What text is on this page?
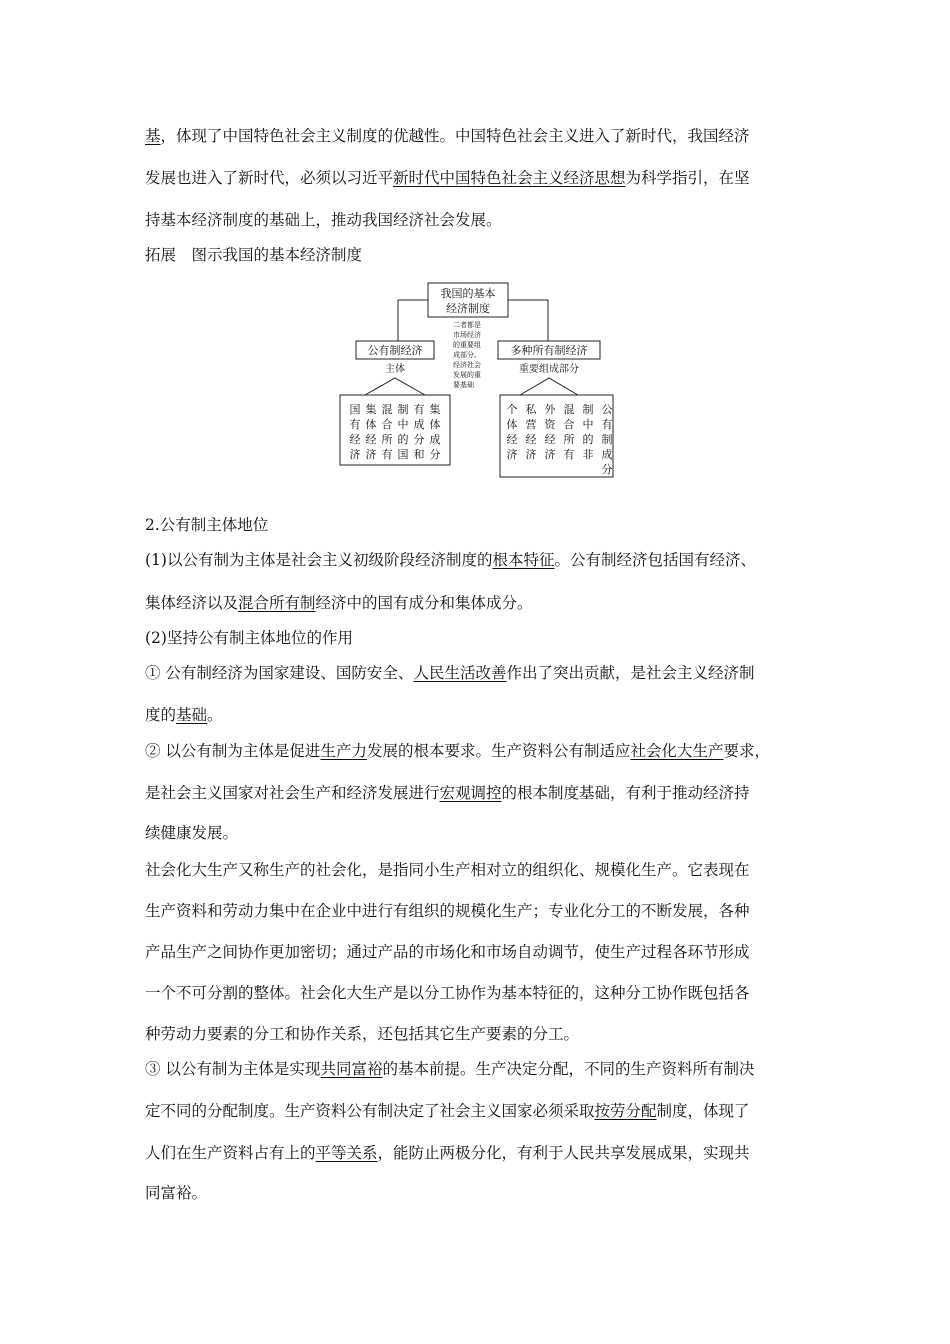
基，体现了中国特色社会主义制度的优越性。中国特色社会主义进入了新时代，我国经济
发展也进入了新时代，必须以习近平新时代中国特色社会主义经济思想为科学指引，在坚
持基本经济制度的基础上，推动我国经济社会发展。
拓展　图示我国的基本经济制度
我国的基本
经济制度
公有制经济
主体
多种所有制经济
重要组成部分
二者都是
市场经济
的重要组
成部分,
经济社会
发展的重
要基础
国有经济
集体经济
混合所有
制中的国
有成分和
集体成分
个体经济
私营经济
外资经济
混合所有
制中的非
公有制成分
2.公有制主体地位
(1)以公有制为主体是社会主义初级阶段经济制度的根本特征。公有制经济包括国有经济、
集体经济以及混合所有制经济中的国有成分和集体成分。
(2)坚持公有制主体地位的作用
① 公有制经济为国家建设、国防安全、人民生活改善作出了突出贡献，是社会主义经济制
度的基础。
② 以公有制为主体是促进生产力发展的根本要求。生产资料公有制适应社会化大生产要求，
是社会主义国家对社会生产和经济发展进行宏观调控的根本制度基础，有利于推动经济持
续健康发展。
社会化大生产又称生产的社会化，是指同小生产相对立的组织化、规模化生产。它表现在
生产资料和劳动力集中在企业中进行有组织的规模化生产；专业化分工的不断发展，各种
产品生产之间协作更加密切；通过产品的市场化和市场自动调节，使生产过程各环节形成
一个不可分割的整体。社会化大生产是以分工协作为基本特征的，这种分工协作既包括各
种劳动力要素的分工和协作关系，还包括其它生产要素的分工。
③ 以公有制为主体是实现共同富裕的基本前提。生产决定分配，不同的生产资料所有制决
定不同的分配制度。生产资料公有制决定了社会主义国家必须采取按劳分配制度，体现了
人们在生产资料占有上的平等关系，能防止两极分化，有利于人民共享发展成果，实现共
同富裕。
